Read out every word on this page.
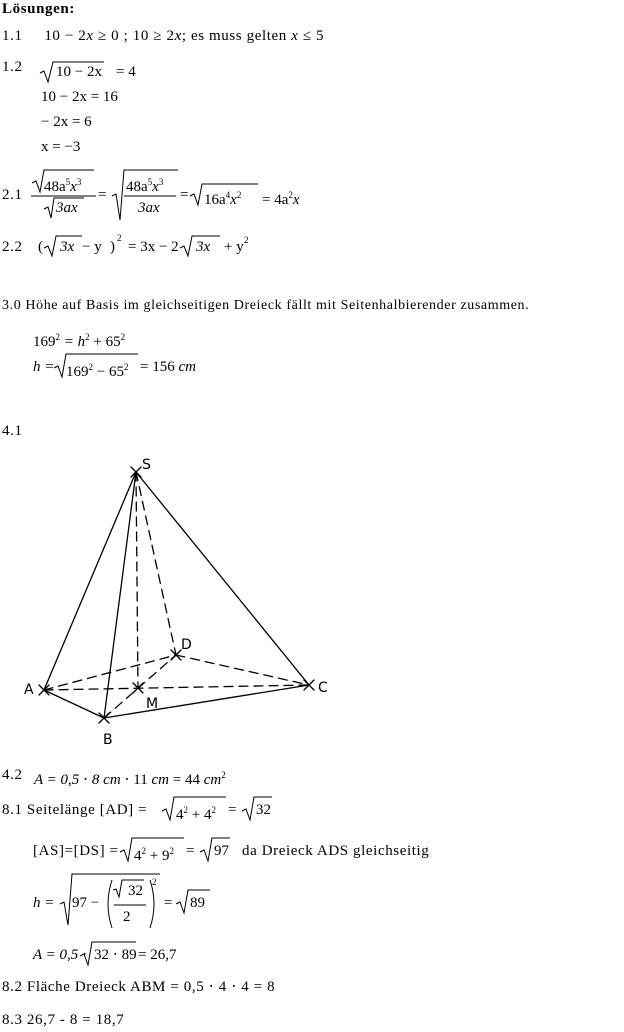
Lösungen:
1.1 10 − 2x ≥ 0 ; 10 ≥ 2x; es muss gelten x ≤ 5
1.2 10 − 2x = 4
10 − 2x = 16
− 2x = 6
x = −3
2.1 $48a^5x^3$
3ax
= $48a^5x^3$
3ax
= $16a^4x^2 = 4a^2x$
2.2 ( 3x − y )
2
= 3x − 2 3x + y 2
3.0 Höhe auf Basis im gleichseitigen Dreieck fällt mit Seitenhalbierender zusammen.
$169^2 = h^2 + 65^2$
$h = 169^2 - 65^2 = 156$ cm
4.1
S
D
A	C
M
B
4.2 A = 0,5 ⋅ 8 cm ⋅ 11 cm = 44 $cm^2$
8.1 Seitelänge $[AD] = 4^2 + 4^2 = 32$
$[AS]=[DS] = 4^2 + 9^2 = 97$ da Dreieck ADS gleichseitig
h = 97 −
32
2
2
= 89
A = 0,5 ⋅ 32 ⋅ 89 = 26,7
8.2 Fläche Dreieck ABM = 0,5 ⋅ 4 ⋅ 4 = 8
8.3 26,7 - 8 = 18,7
